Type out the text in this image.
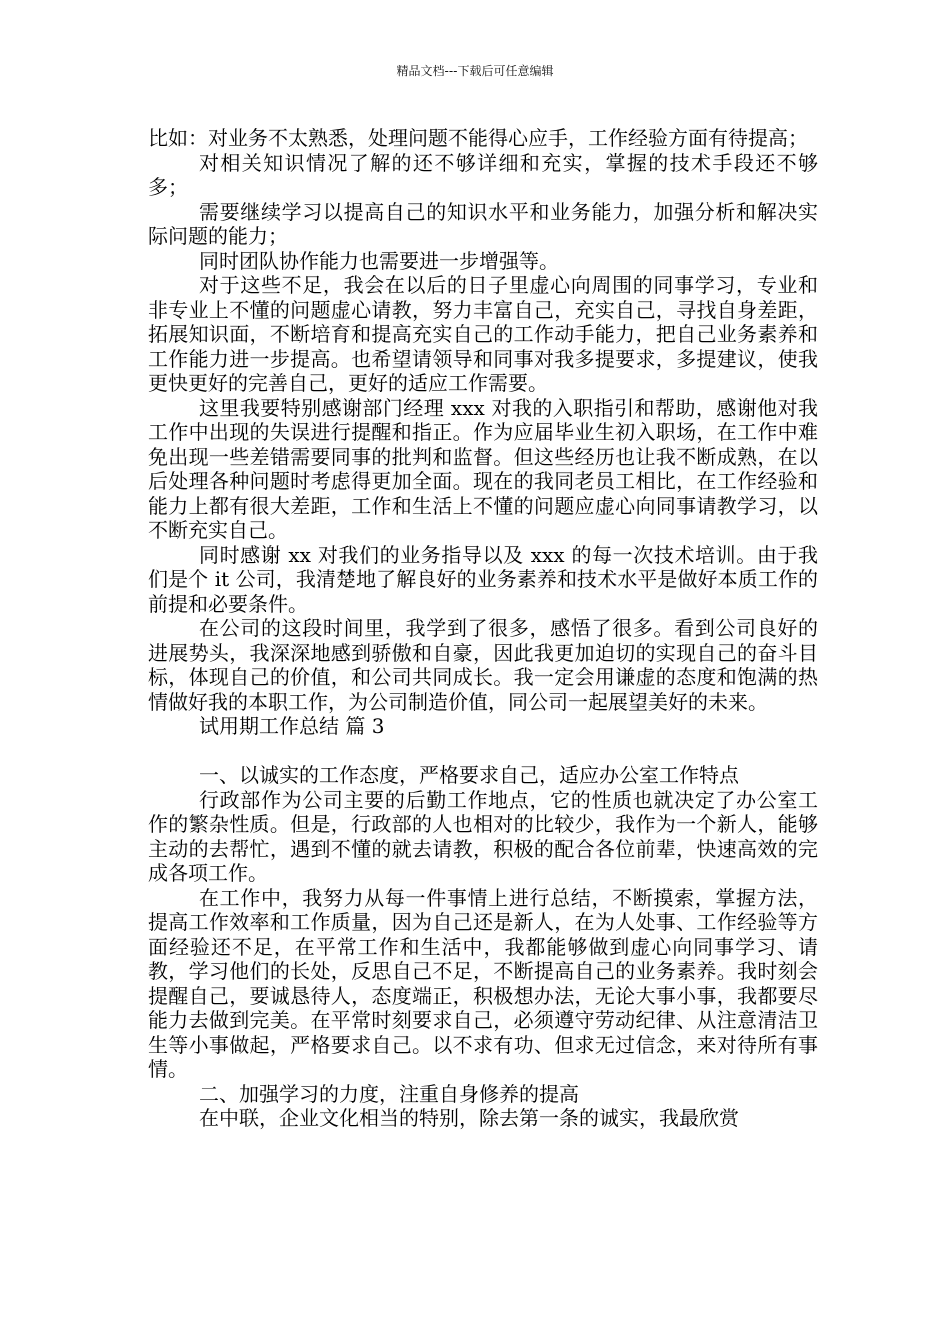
精品文档---下载后可任意编辑

比如：对业务不太熟悉，处理问题不能得心应手，工作经验方面有待提高；

对相关知识情况了解的还不够详细和充实，掌握的技术手段还不够多；

需要继续学习以提高自己的知识水平和业务能力，加强分析和解决实际问题的能力；

同时团队协作能力也需要进一步增强等。

对于这些不足，我会在以后的日子里虚心向周围的同事学习，专业和非专业上不懂的问题虚心请教，努力丰富自己，充实自己，寻找自身差距，拓展知识面，不断培育和提高充实自己的工作动手能力，把自己业务素养和工作能力进一步提高。也希望请领导和同事对我多提要求，多提建议，使我更快更好的完善自己，更好的适应工作需要。

这里我要特别感谢部门经理 xxx 对我的入职指引和帮助，感谢他对我工作中出现的失误进行提醒和指正。作为应届毕业生初入职场，在工作中难免出现一些差错需要同事的批判和监督。但这些经历也让我不断成熟，在以后处理各种问题时考虑得更加全面。现在的我同老员工相比，在工作经验和能力上都有很大差距，工作和生活上不懂的问题应虚心向同事请教学习，以不断充实自己。

同时感谢 xx 对我们的业务指导以及 xxx 的每一次技术培训。由于我们是个 it 公司，我清楚地了解良好的业务素养和技术水平是做好本质工作的前提和必要条件。

在公司的这段时间里，我学到了很多，感悟了很多。看到公司良好的进展势头，我深深地感到骄傲和自豪，因此我更加迫切的实现自己的奋斗目标，体现自己的价值，和公司共同成长。我一定会用谦虚的态度和饱满的热情做好我的本职工作，为公司制造价值，同公司一起展望美好的未来。

试用期工作总结 篇 3

一、以诚实的工作态度，严格要求自己，适应办公室工作特点

行政部作为公司主要的后勤工作地点，它的性质也就决定了办公室工作的繁杂性质。但是，行政部的人也相对的比较少，我作为一个新人，能够主动的去帮忙，遇到不懂的就去请教，积极的配合各位前辈，快速高效的完成各项工作。

在工作中，我努力从每一件事情上进行总结，不断摸索，掌握方法，提高工作效率和工作质量，因为自己还是新人，在为人处事、工作经验等方面经验还不足，在平常工作和生活中，我都能够做到虚心向同事学习、请教，学习他们的长处，反思自己不足，不断提高自己的业务素养。我时刻会提醒自己，要诚恳待人，态度端正，积极想办法，无论大事小事，我都要尽能力去做到完美。在平常时刻要求自己，必须遵守劳动纪律、从注意清洁卫生等小事做起，严格要求自己。以不求有功、但求无过信念，来对待所有事情。

二、加强学习的力度，注重自身修养的提高

在中联，企业文化相当的特别，除去第一条的诚实，我最欣赏
